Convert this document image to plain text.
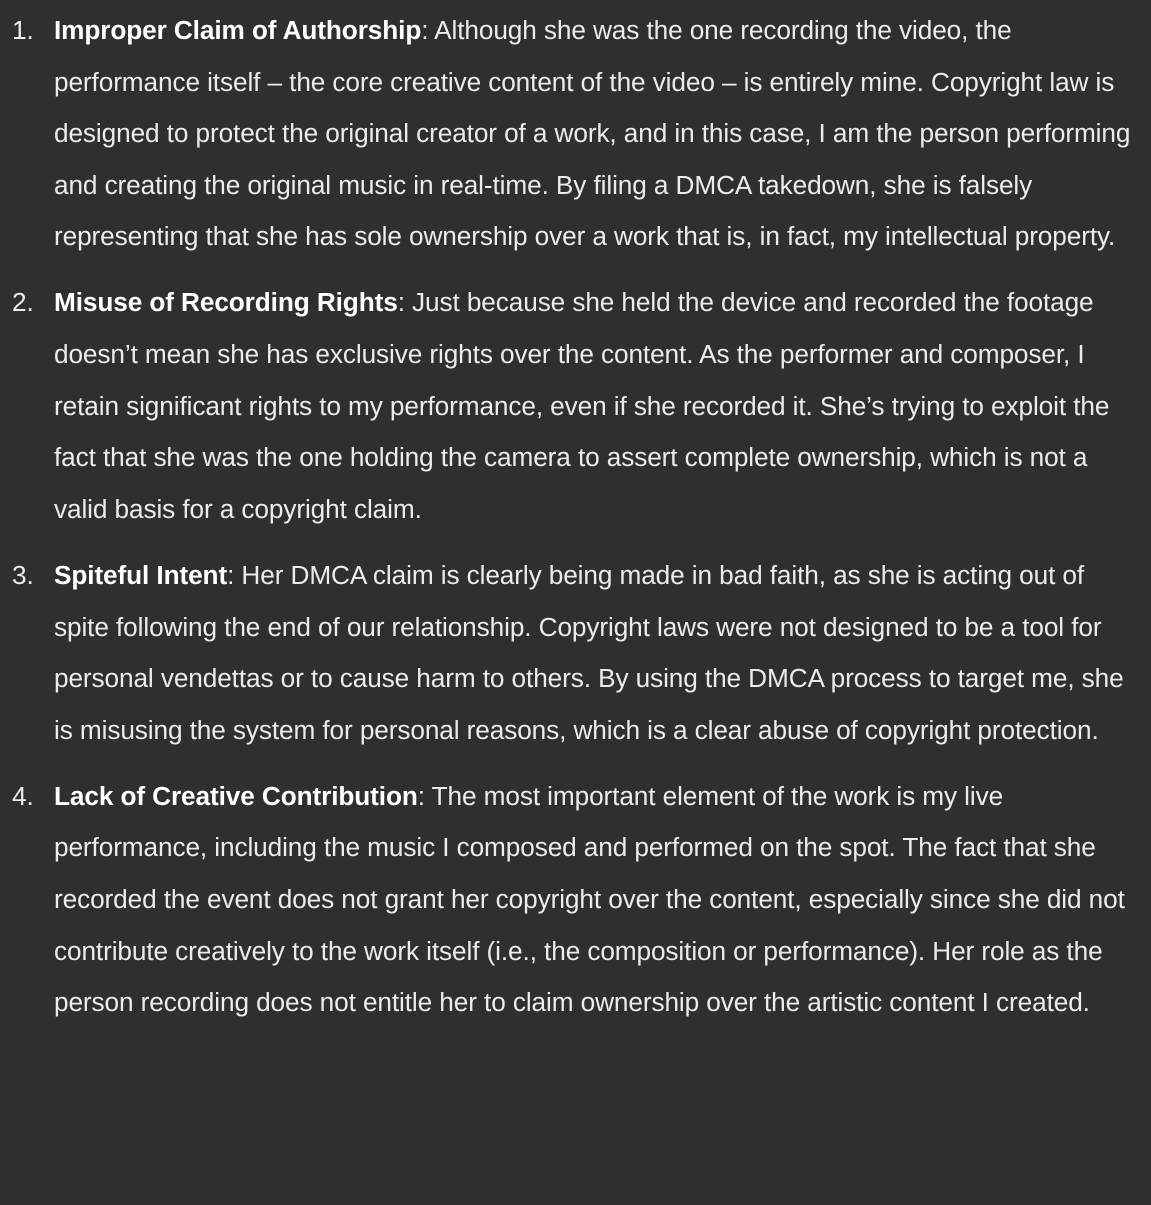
1. Improper Claim of Authorship: Although she was the one recording the video, the performance itself – the core creative content of the video – is entirely mine. Copyright law is designed to protect the original creator of a work, and in this case, I am the person performing and creating the original music in real-time. By filing a DMCA takedown, she is falsely representing that she has sole ownership over a work that is, in fact, my intellectual property.
2. Misuse of Recording Rights: Just because she held the device and recorded the footage doesn’t mean she has exclusive rights over the content. As the performer and composer, I retain significant rights to my performance, even if she recorded it. She’s trying to exploit the fact that she was the one holding the camera to assert complete ownership, which is not a valid basis for a copyright claim.
3. Spiteful Intent: Her DMCA claim is clearly being made in bad faith, as she is acting out of spite following the end of our relationship. Copyright laws were not designed to be a tool for personal vendettas or to cause harm to others. By using the DMCA process to target me, she is misusing the system for personal reasons, which is a clear abuse of copyright protection.
4. Lack of Creative Contribution: The most important element of the work is my live performance, including the music I composed and performed on the spot. The fact that she recorded the event does not grant her copyright over the content, especially since she did not contribute creatively to the work itself (i.e., the composition or performance). Her role as the person recording does not entitle her to claim ownership over the artistic content I created.
